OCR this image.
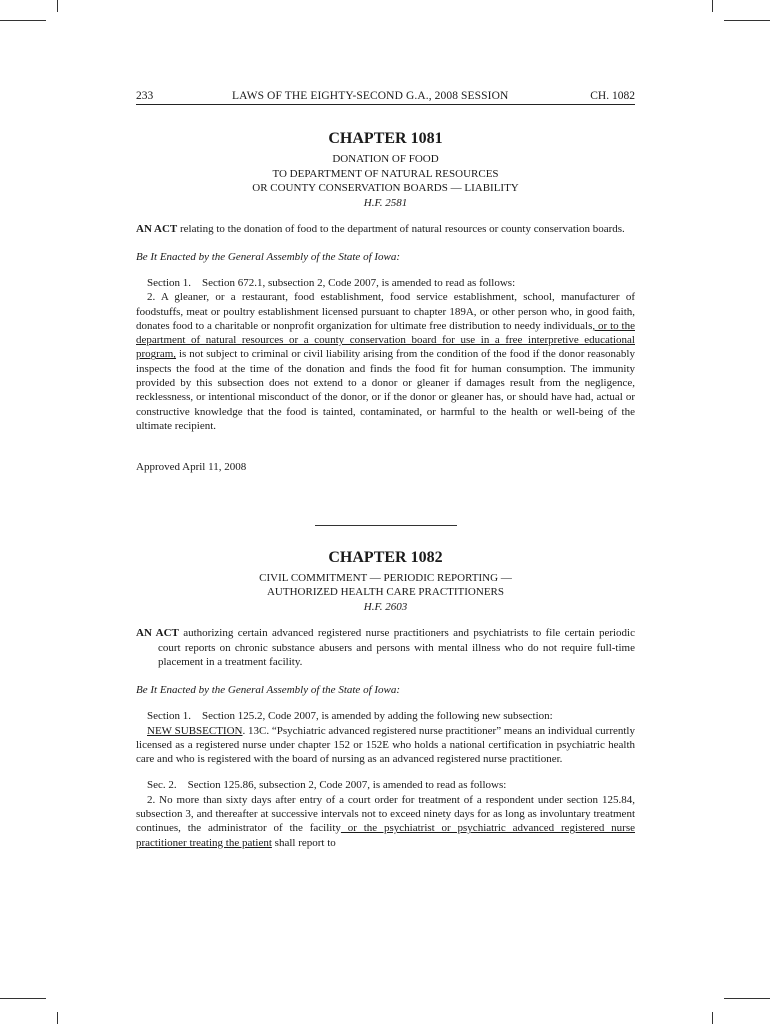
233	LAWS OF THE EIGHTY-SECOND G.A., 2008 SESSION	CH. 1082
CHAPTER 1081

DONATION OF FOOD

TO DEPARTMENT OF NATURAL RESOURCES

OR COUNTY CONSERVATION BOARDS — LIABILITY

H.F. 2581

AN ACT relating to the donation of food to the department of natural resources or county conservation boards.

Be It Enacted by the General Assembly of the State of Iowa:

Section 1.    Section 672.1, subsection 2, Code 2007, is amended to read as follows:

2. A gleaner, or a restaurant, food establishment, food service establishment, school, manufacturer of foodstuffs, meat or poultry establishment licensed pursuant to chapter 189A, or other person who, in good faith, donates food to a charitable or nonprofit organization for ultimate free distribution to needy individuals, or to the department of natural resources or a county conservation board for use in a free interpretive educational program, is not subject to criminal or civil liability arising from the condition of the food if the donor reasonably inspects the food at the time of the donation and finds the food fit for human consumption. The immunity provided by this subsection does not extend to a donor or gleaner if damages result from the negligence, recklessness, or intentional misconduct of the donor, or if the donor or gleaner has, or should have had, actual or constructive knowledge that the food is tainted, contaminated, or harmful to the health or well-being of the ultimate recipient.

Approved April 11, 2008

CHAPTER 1082

CIVIL COMMITMENT — PERIODIC REPORTING —

AUTHORIZED HEALTH CARE PRACTITIONERS

H.F. 2603

AN ACT authorizing certain advanced registered nurse practitioners and psychiatrists to file certain periodic court reports on chronic substance abusers and persons with mental illness who do not require full-time placement in a treatment facility.

Be It Enacted by the General Assembly of the State of Iowa:

Section 1.    Section 125.2, Code 2007, is amended by adding the following new subsection:

NEW SUBSECTION. 13C. “Psychiatric advanced registered nurse practitioner” means an individual currently licensed as a registered nurse under chapter 152 or 152E who holds a national certification in psychiatric health care and who is registered with the board of nursing as an advanced registered nurse practitioner.

Sec. 2.    Section 125.86, subsection 2, Code 2007, is amended to read as follows:

2. No more than sixty days after entry of a court order for treatment of a respondent under section 125.84, subsection 3, and thereafter at successive intervals not to exceed ninety days for as long as involuntary treatment continues, the administrator of the facility or the psychiatrist or psychiatric advanced registered nurse practitioner treating the patient shall report to
